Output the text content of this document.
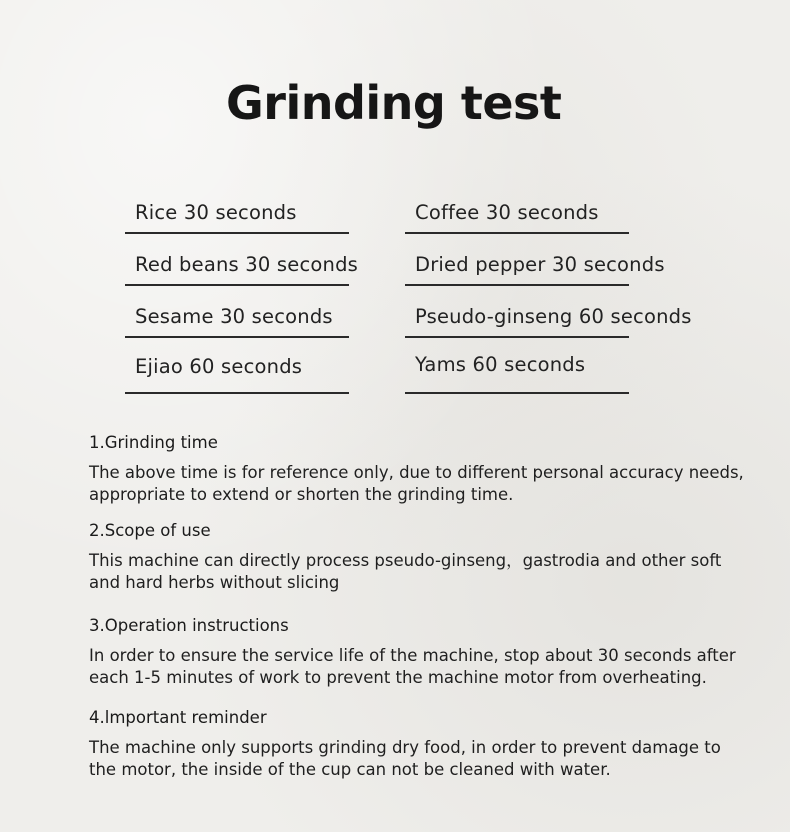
Grinding test
Rice 30 seconds	Coffee 30 seconds
Red beans 30 seconds	Dried pepper 30 seconds
Sesame 30 seconds	Pseudo-ginseng 60 seconds
Ejiao 60 seconds	Yams 60 seconds

1.Grinding time

The above time is for reference only, due to different personal accuracy needs,
appropriate to extend or shorten the grinding time.

2.Scope of use

This machine can directly process pseudo-ginseng，gastrodia and other soft
and hard herbs without slicing

3.Operation instructions

In order to ensure the service life of the machine, stop about 30 seconds after
each 1-5 minutes of work to prevent the machine motor from overheating.

4.lmportant reminder

The machine only supports grinding dry food, in order to prevent damage to
the motor, the inside of the cup can not be cleaned with water.
